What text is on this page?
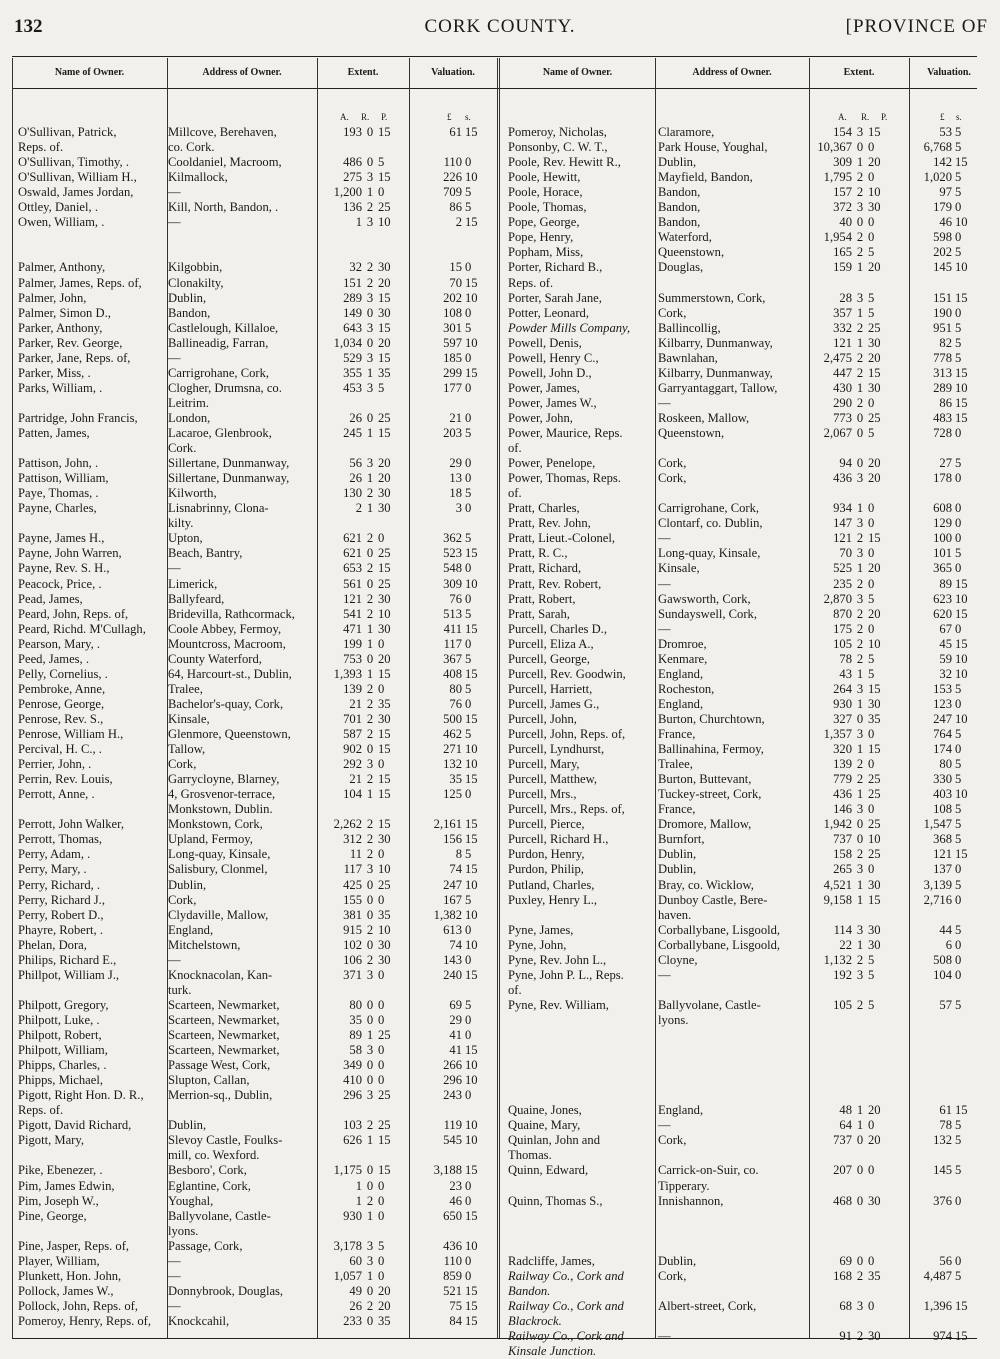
132	CORK COUNTY.	[PROVINCE OF
Name of Owner.	Address of Owner.	Extent.	Valuation.	Name of Owner.	Address of Owner.	Extent.	Valuation.
A. R. P.	£ s.	A. R. P.	£ s.
O'Sullivan, Patrick,	Millcove, Berehaven,	193 0 15	61 15
Reps. of.	co. Cork.
O'Sullivan, Timothy, .	Cooldaniel, Macroom,	486 0 5	110 0
O'Sullivan, William H.,	Kilmallock,	275 3 15	226 10
Oswald, James Jordan,	—	1,200 1 0	709 5
Ottley, Daniel, .	Kill, North, Bandon, .	136 2 25	86 5
Owen, William, .	—	1 3 10	2 15
Palmer, Anthony,	Kilgobbin,	32 2 30	15 0
Palmer, James, Reps. of,	Clonakilty,	151 2 20	70 15
Palmer, John,	Dublin,	289 3 15	202 10
Palmer, Simon D.,	Bandon,	149 0 30	108 0
Parker, Anthony,	Castlelough, Killaloe,	643 3 15	301 5
Parker, Rev. George,	Ballineadig, Farran,	1,034 0 20	597 10
Parker, Jane, Reps. of,	—	529 3 15	185 0
Parker, Miss, .	Carrigrohane, Cork,	355 1 35	299 15
Parks, William, .	Clogher, Drumsna, co.	453 3 5	177 0
Leitrim.
Partridge, John Francis,	London,	26 0 25	21 0
Patten, James,	Lacaroe, Glenbrook,	245 1 15	203 5
Cork.
Pattison, John, .	Sillertane, Dunmanway,	56 3 20	29 0
Pattison, William,	Sillertane, Dunmanway,	26 1 20	13 0
Paye, Thomas, .	Kilworth,	130 2 30	18 5
Payne, Charles,	Lisnabrinny, Clona-	2 1 30	3 0
kilty.
Payne, James H.,	Upton,	621 2 0	362 5
Payne, John Warren,	Beach, Bantry,	621 0 25	523 15
Payne, Rev. S. H.,	—	653 2 15	548 0
Peacock, Price, .	Limerick,	561 0 25	309 10
Pead, James,	Ballyfeard,	121 2 30	76 0
Peard, John, Reps. of,	Bridevilla, Rathcormack,	541 2 10	513 5
Peard, Richd. M'Cullagh,	Coole Abbey, Fermoy,	471 1 30	411 15
Pearson, Mary, .	Mountcross, Macroom,	199 1 0	117 0
Peed, James, .	County Waterford,	753 0 20	367 5
Pelly, Cornelius, .	64, Harcourt-st., Dublin,	1,393 1 15	408 15
Pembroke, Anne,	Tralee,	139 2 0	80 5
Penrose, George,	Bachelor's-quay, Cork,	21 2 35	76 0
Penrose, Rev. S.,	Kinsale,	701 2 30	500 15
Penrose, William H.,	Glenmore, Queenstown,	587 2 15	462 5
Percival, H. C., .	Tallow,	902 0 15	271 10
Perrier, John, .	Cork,	292 3 0	132 10
Perrin, Rev. Louis,	Garrycloyne, Blarney,	21 2 15	35 15
Perrott, Anne, .	4, Grosvenor-terrace,	104 1 15	125 0
Monkstown, Dublin.
Perrott, John Walker,	Monkstown, Cork,	2,262 2 15	2,161 15
Perrott, Thomas,	Upland, Fermoy,	312 2 30	156 15
Perry, Adam, .	Long-quay, Kinsale,	11 2 0	8 5
Perry, Mary, .	Salisbury, Clonmel,	117 3 10	74 15
Perry, Richard, .	Dublin,	425 0 25	247 10
Perry, Richard J.,	Cork,	155 0 0	167 5
Perry, Robert D.,	Clydaville, Mallow,	381 0 35	1,382 10
Phayre, Robert, .	England,	915 2 10	613 0
Phelan, Dora,	Mitchelstown,	102 0 30	74 10
Philips, Richard E.,	—	106 2 30	143 0
Phillpot, William J.,	Knocknacolan, Kan-	371 3 0	240 15
turk.
Philpott, Gregory,	Scarteen, Newmarket,	80 0 0	69 5
Philpott, Luke, .	Scarteen, Newmarket,	35 0 0	29 0
Philpott, Robert,	Scarteen, Newmarket,	89 1 25	41 0
Philpott, William,	Scarteen, Newmarket,	58 3 0	41 15
Phipps, Charles, .	Passage West, Cork,	349 0 0	266 10
Phipps, Michael,	Slupton, Callan,	410 0 0	296 10
Pigott, Right Hon. D. R.,	Merrion-sq., Dublin,	296 3 25	243 0
Reps. of.
Pigott, David Richard,	Dublin,	103 2 25	119 10
Pigott, Mary,	Slevoy Castle, Foulks-	626 1 15	545 10
mill, co. Wexford.
Pike, Ebenezer, .	Besboro', Cork,	1,175 0 15	3,188 15
Pim, James Edwin,	Eglantine, Cork,	1 0 0	23 0
Pim, Joseph W.,	Youghal,	1 2 0	46 0
Pine, George,	Ballyvolane, Castle-	930 1 0	650 15
lyons.
Pine, Jasper, Reps. of,	Passage, Cork,	3,178 3 5	436 10
Player, William,	—	60 3 0	110 0
Plunkett, Hon. John,	—	1,057 1 0	859 0
Pollock, James W.,	Donnybrook, Douglas,	49 0 20	521 15
Pollock, John, Reps. of,	—	26 2 20	75 15
Pomeroy, Henry, Reps. of,	Knockcahil,	233 0 35	84 15
Pomeroy, Nicholas,	Claramore,	154 3 15	53 5
Ponsonby, C. W. T.,	Park House, Youghal,	10,367 0 0	6,768 5
Poole, Rev. Hewitt R.,	Dublin,	309 1 20	142 15
Poole, Hewitt,	Mayfield, Bandon,	1,795 2 0	1,020 5
Poole, Horace,	Bandon,	157 2 10	97 5
Poole, Thomas,	Bandon,	372 3 30	179 0
Pope, George,	Bandon,	40 0 0	46 10
Pope, Henry,	Waterford,	1,954 2 0	598 0
Popham, Miss,	Queenstown,	165 2 5	202 5
Porter, Richard B.,	Douglas,	159 1 20	145 10
Reps. of.
Porter, Sarah Jane,	Summerstown, Cork,	28 3 5	151 15
Potter, Leonard,	Cork,	357 1 5	190 0
Powder Mills Company,	Ballincollig,	332 2 25	951 5
Powell, Denis,	Kilbarry, Dunmanway,	121 1 30	82 5
Powell, Henry C.,	Bawnlahan,	2,475 2 20	778 5
Powell, John D.,	Kilbarry, Dunmanway,	447 2 15	313 15
Power, James,	Garryantaggart, Tallow,	430 1 30	289 10
Power, James W.,	—	290 2 0	86 15
Power, John,	Roskeen, Mallow,	773 0 25	483 15
Power, Maurice, Reps.	Queenstown,	2,067 0 5	728 0
of.
Power, Penelope,	Cork,	94 0 20	27 5
Power, Thomas, Reps.	Cork,	436 3 20	178 0
of.
Pratt, Charles,	Carrigrohane, Cork,	934 1 0	608 0
Pratt, Rev. John,	Clontarf, co. Dublin,	147 3 0	129 0
Pratt, Lieut.-Colonel,	—	121 2 15	100 0
Pratt, R. C.,	Long-quay, Kinsale,	70 3 0	101 5
Pratt, Richard,	Kinsale,	525 1 20	365 0
Pratt, Rev. Robert,	—	235 2 0	89 15
Pratt, Robert,	Gawsworth, Cork,	2,870 3 5	623 10
Pratt, Sarah,	Sundayswell, Cork,	870 2 20	620 15
Purcell, Charles D.,	—	175 2 0	67 0
Purcell, Eliza A.,	Dromroe,	105 2 10	45 15
Purcell, George,	Kenmare,	78 2 5	59 10
Purcell, Rev. Goodwin,	England,	43 1 5	32 10
Purcell, Harriett,	Rocheston,	264 3 15	153 5
Purcell, James G.,	England,	930 1 30	123 0
Purcell, John,	Burton, Churchtown,	327 0 35	247 10
Purcell, John, Reps. of,	France,	1,357 3 0	764 5
Purcell, Lyndhurst,	Ballinahina, Fermoy,	320 1 15	174 0
Purcell, Mary,	Tralee,	139 2 0	80 5
Purcell, Matthew,	Burton, Buttevant,	779 2 25	330 5
Purcell, Mrs.,	Tuckey-street, Cork,	436 1 25	403 10
Purcell, Mrs., Reps. of,	France,	146 3 0	108 5
Purcell, Pierce,	Dromore, Mallow,	1,942 0 25	1,547 5
Purcell, Richard H.,	Burnfort,	737 0 10	368 5
Purdon, Henry,	Dublin,	158 2 25	121 15
Purdon, Philip,	Dublin,	265 3 0	137 0
Putland, Charles,	Bray, co. Wicklow,	4,521 1 30	3,139 5
Puxley, Henry L.,	Dunboy Castle, Bere-	9,158 1 15	2,716 0
haven.
Pyne, James,	Corballybane, Lisgoold,	114 3 30	44 5
Pyne, John,	Corballybane, Lisgoold,	22 1 30	6 0
Pyne, Rev. John L.,	Cloyne,	1,132 2 5	508 0
Pyne, John P. L., Reps.	—	192 3 5	104 0
of.
Pyne, Rev. William,	Ballyvolane, Castle-	105 2 5	57 5
lyons.
Quaine, Jones,	England,	48 1 20	61 15
Quaine, Mary,	—	64 1 0	78 5
Quinlan, John and	Cork,	737 0 20	132 5
Thomas.
Quinn, Edward,	Carrick-on-Suir, co.	207 0 0	145 5
Tipperary.
Quinn, Thomas S.,	Innishannon,	468 0 30	376 0
Radcliffe, James,	Dublin,	69 0 0	56 0
Railway Co., Cork and	Cork,	168 2 35	4,487 5
Bandon.
Railway Co., Cork and	Albert-street, Cork,	68 3 0	1,396 15
Blackrock.
Railway Co., Cork and	—	91 2 30	974 15
Kinsale Junction.
